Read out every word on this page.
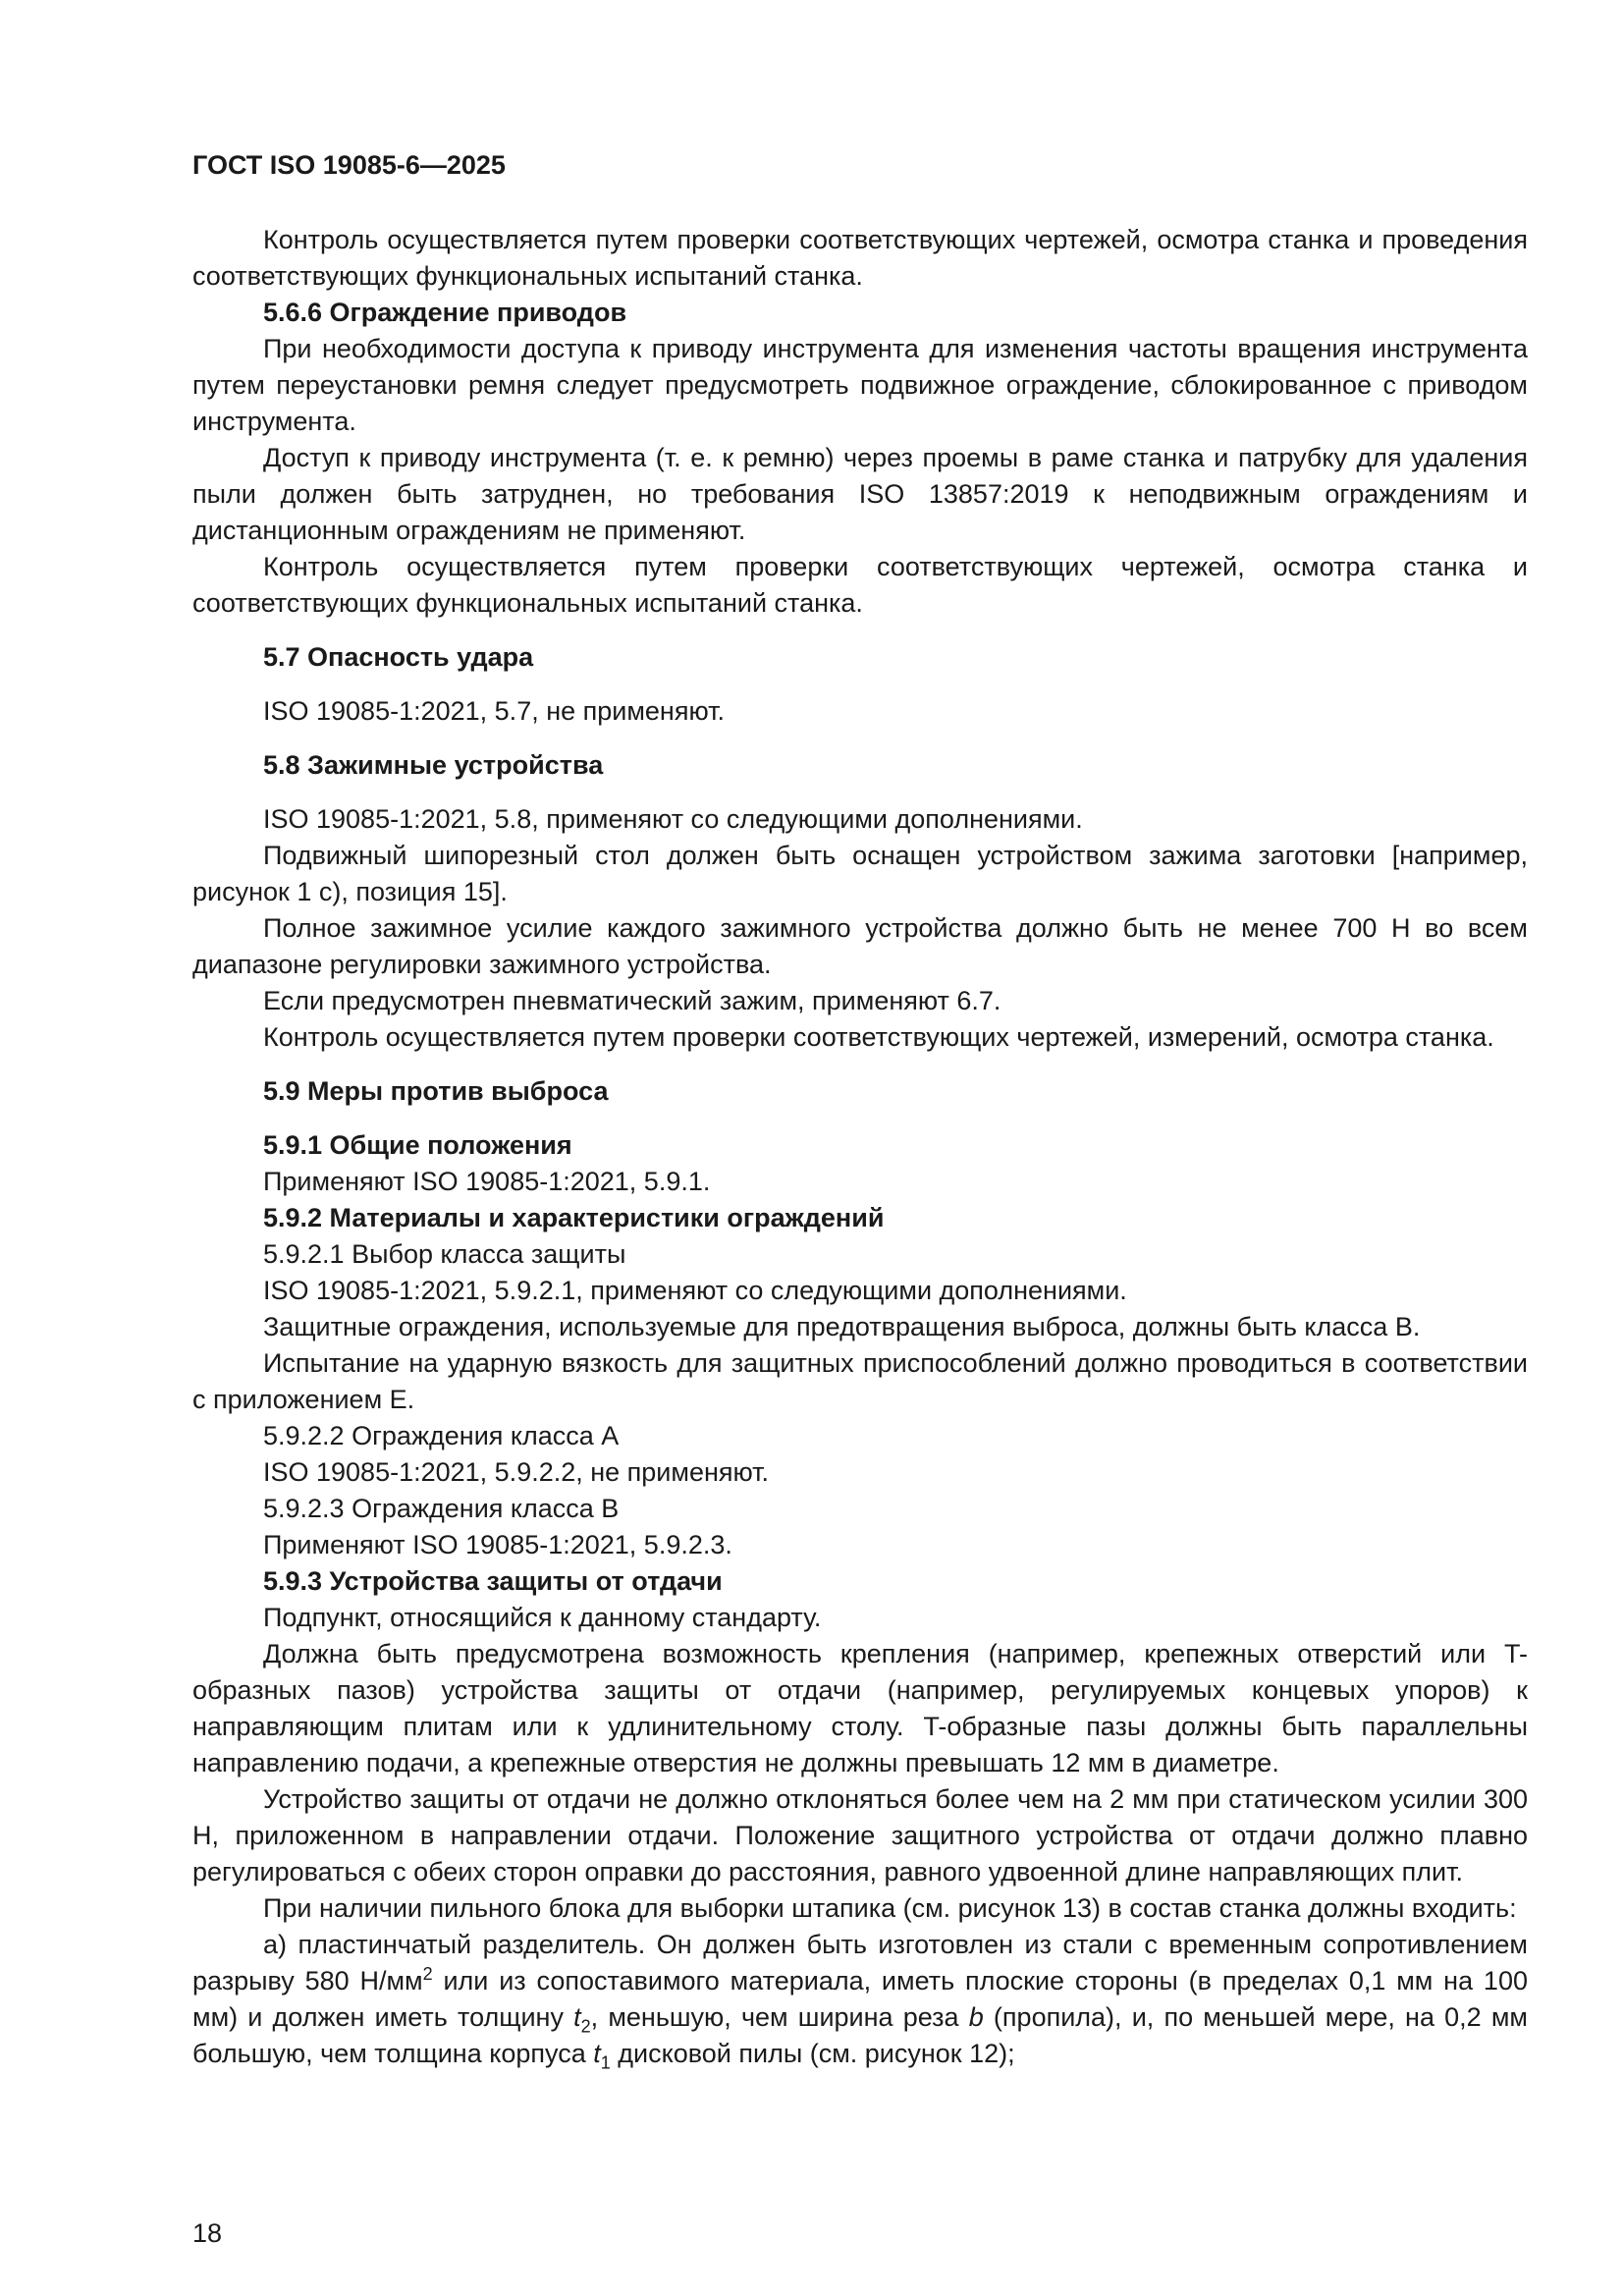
ГОСТ ISO 19085-6—2025

Контроль осуществляется путем проверки соответствующих чертежей, осмотра станка и проведения соответствующих функциональных испытаний станка.

5.6.6 Ограждение приводов

При необходимости доступа к приводу инструмента для изменения частоты вращения инструмента путем переустановки ремня следует предусмотреть подвижное ограждение, сблокированное с приводом инструмента.

Доступ к приводу инструмента (т. е. к ремню) через проемы в раме станка и патрубку для удаления пыли должен быть затруднен, но требования ISO 13857:2019 к неподвижным ограждениям и дистанционным ограждениям не применяют.

Контроль осуществляется путем проверки соответствующих чертежей, осмотра станка и соответствующих функциональных испытаний станка.

5.7 Опасность удара

ISO 19085-1:2021, 5.7, не применяют.

5.8 Зажимные устройства

ISO 19085-1:2021, 5.8, применяют со следующими дополнениями.

Подвижный шипорезный стол должен быть оснащен устройством зажима заготовки [например, рисунок 1 с), позиция 15].

Полное зажимное усилие каждого зажимного устройства должно быть не менее 700 Н во всем диапазоне регулировки зажимного устройства.

Если предусмотрен пневматический зажим, применяют 6.7.

Контроль осуществляется путем проверки соответствующих чертежей, измерений, осмотра станка.

5.9 Меры против выброса

5.9.1 Общие положения

Применяют ISO 19085-1:2021, 5.9.1.

5.9.2 Материалы и характеристики ограждений

5.9.2.1 Выбор класса защиты

ISO 19085-1:2021, 5.9.2.1, применяют со следующими дополнениями.

Защитные ограждения, используемые для предотвращения выброса, должны быть класса B.

Испытание на ударную вязкость для защитных приспособлений должно проводиться в соответствии с приложением E.

5.9.2.2 Ограждения класса A

ISO 19085-1:2021, 5.9.2.2, не применяют.

5.9.2.3 Ограждения класса B

Применяют ISO 19085-1:2021, 5.9.2.3.

5.9.3 Устройства защиты от отдачи

Подпункт, относящийся к данному стандарту.

Должна быть предусмотрена возможность крепления (например, крепежных отверстий или T-образных пазов) устройства защиты от отдачи (например, регулируемых концевых упоров) к направляющим плитам или к удлинительному столу. T-образные пазы должны быть параллельны направлению подачи, а крепежные отверстия не должны превышать 12 мм в диаметре.

Устройство защиты от отдачи не должно отклоняться более чем на 2 мм при статическом усилии 300 Н, приложенном в направлении отдачи. Положение защитного устройства от отдачи должно плавно регулироваться с обеих сторон оправки до расстояния, равного удвоенной длине направляющих плит.

При наличии пильного блока для выборки штапика (см. рисунок 13) в состав станка должны входить:

а) пластинчатый разделитель. Он должен быть изготовлен из стали с временным сопротивлением разрыву 580 $Н/мм^2$ или из сопоставимого материала, иметь плоские стороны (в пределах 0,1 мм на 100 мм) и должен иметь толщину $t_2$, меньшую, чем ширина реза b (пропила), и, по меньшей мере, на 0,2 мм большую, чем толщина корпуса $t_1$ дисковой пилы (см. рисунок 12);

18
